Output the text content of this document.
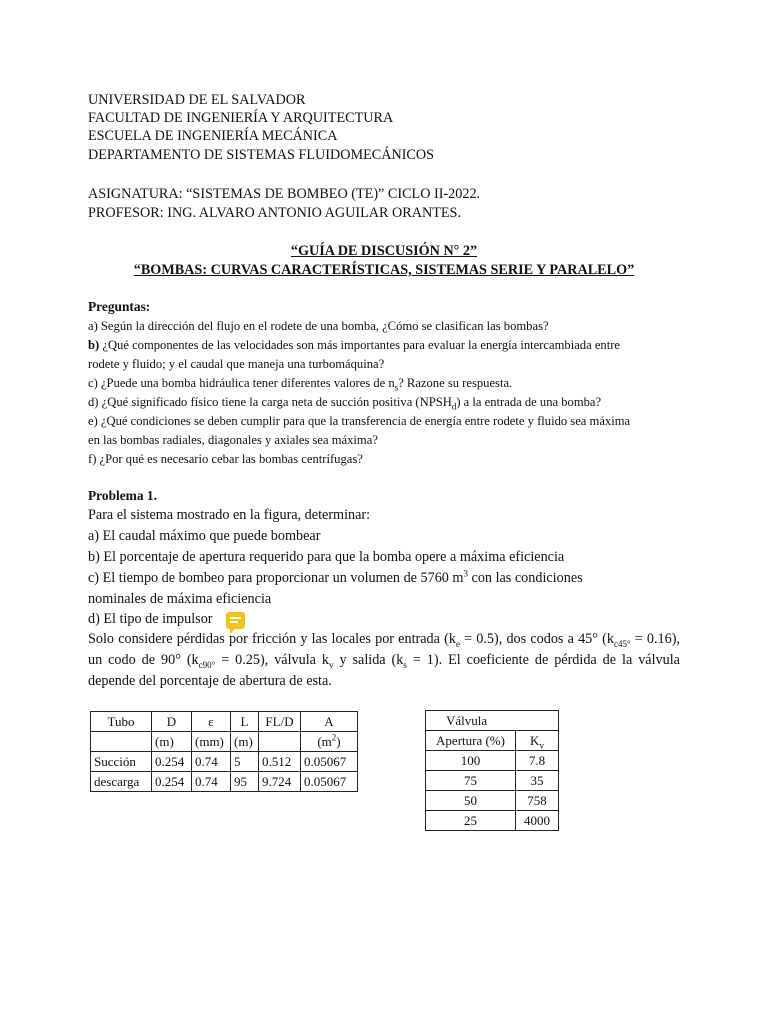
UNIVERSIDAD DE EL SALVADOR
FACULTAD DE INGENIERÍA Y ARQUITECTURA
ESCUELA DE INGENIERÍA MECÁNICA
DEPARTAMENTO DE SISTEMAS FLUIDOMECÁNICOS
ASIGNATURA: “SISTEMAS DE BOMBEO (TE)” CICLO II-2022.
PROFESOR: ING. ALVARO ANTONIO AGUILAR ORANTES.
“GUÍA DE DISCUSIÓN N° 2”
“BOMBAS: CURVAS CARACTERÍSTICAS, SISTEMAS SERIE Y PARALELO”
Preguntas:
a) Según la dirección del flujo en el rodete de una bomba, ¿Cómo se clasifican las bombas?
b) ¿Qué componentes de las velocidades son más importantes para evaluar la energía intercambiada entre
rodete y fluido; y el caudal que maneja una turbomáquina?
c) ¿Puede una bomba hidráulica tener diferentes valores de $n_s$? Razone su respuesta.
d) ¿Qué significado físico tiene la carga neta de succión positiva $(NPSH_d)$ a la entrada de una bomba?
e) ¿Qué condiciones se deben cumplir para que la transferencia de energía entre rodete y fluido sea máxima
en las bombas radiales, diagonales y axiales sea máxima?
f) ¿Por qué es necesario cebar las bombas centrífugas?
Problema 1.
Para el sistema mostrado en la figura, determinar:
a) El caudal máximo que puede bombear
b) El porcentaje de apertura requerido para que la bomba opere a máxima eficiencia
c) El tiempo de bombeo para proporcionar un volumen de 5760 $m^3$ con las condiciones
nominales de máxima eficiencia
d) El tipo de impulsor
Solo considere pérdidas por fricción y las locales por entrada $(k_e = 0.5)$, dos codos a 45° $(k_{c45^\circ} = 0.16)$, un codo de 90° $(k_{c90^\circ} = 0.25)$, válvula $k_v$ y salida $(k_s = 1)$. El coeficiente de pérdida de la válvula depende del porcentaje de abertura de esta.
Tubo	D	ε	L	FL/D	A
	(m)	(mm)	(m)		$(m^2)$
Succión	0.254	0.74	5	0.512	0.05067
descarga	0.254	0.74	95	9.724	0.05067
Válvula	
Apertura (%)	$K_v$
100	7.8
75	35
50	758
25	4000
